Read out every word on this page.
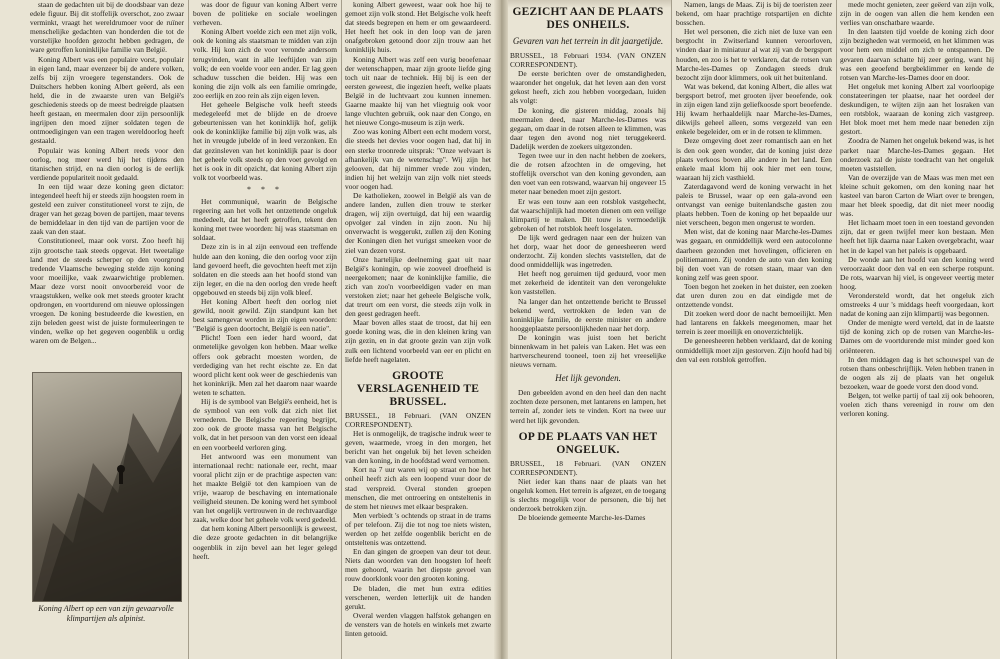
staan de gedachten uit bij de doodsbaar van deze edele figuur. Bij dit stoffelijk overschot, zoo zwaar verminkt, vraagt het wereldrumoer voor de ruïner menschelijke gedachten van honderden die tot de vorstelijke hoofden gezocht hebben gedragen, de ware getroffen koninklijke familie van België.

Koning Albert was een populaire vorst, populair in eigen land, maar evenzeer bij de andere volken, zelfs bij zijn vroegere tegenstanders. Ook de Duitschers hebben koning Albert geëerd, als een held, die in de zwaarste uren van België's geschiedenis steeds op de meest bedreigde plaatsen heeft gestaan, en meermalen door zijn persoonlijk ingrijpen den moed zijner soldaten tegen de ontmoedigingen van een tragen wereldoorlog heeft gestaald.

Populair was koning Albert reeds voor den oorlog, nog meer werd hij het tijdens den titanischen strijd, en na dien oorlog is de eerlijk verdiende populariteit nooit gedaald.

In een tijd waar deze koning geen dictator: integendeel heeft hij er steeds zijn hoogsten roem in gesteld een zuiver constitutioneel vorst te zijn, de drager van het gezag boven de partijen, maar tevens de bemiddelaar in den tijd van de partijen voor de zaak van den staat.

Constitutioneel, maar ook vorst. Zoo heeft hij zijn grootsche taak steeds opgevat. Het tweetalige land met de steeds scherper op den voorgrond tredende Vlaamsche beweging stelde zijn koning voor moeilijke, vaak zwaarwichtige problemen. Maar deze vorst nooit onvoorbereid voor de vraagstukken, welke ook met steeds grooter kracht opdrongen, en voortdurend om nieuwe oplossingen vroegen. De koning bestudeerde die kwestien, en zijn beleden geest wist de juiste formuleeringen te vinden, welke op het gegeven oogenblik u ordig waren om de Belgen...

Koning Albert op een van zijn gevaarvolle klimpartijen als alpinist.

was door de figuur van koning Albert verre boven de politieke en sociale woelingen verheven.

Koning Albert voelde zich een met zijn volk, ook de koning als staatsman te midden van zijn volk. Hij kon zich de voor veronde andersom terugvinden, want in alle leeftijden van zijn volk; de een voelde voor een ander. Er lag geen schaduw tusschen die beiden. Hij was een koning die zijn volk als een familie omringde, zoo eerlijk en zoo rein als zijn eigen leven.

Het geheele Belgische volk heeft steeds medegeleefd met de blijde en de droeve gebeurtenissen van het koninklijk hof, gelijk ook de koninklijke familie bij zijn volk was, als het in vreugde jubelde of in leed verzonken. En dat gezinsleven van het koninklijk paar is door het geheele volk steeds op den voet gevolgd en het is ook in dit opzicht, dat koning Albert zijn volk tot voorbeeld was.

* * *

Het communiqué, waarin de Belgische regeering aan het volk het ontzettende ongeluk mededeelt, dat het heeft getroffen, tekent den koning met twee woorden: hij was staatsman en soldaat.

Deze zin is in al zijn eenvoud een treffende hulde aan den koning, die den oorlog voor zijn land gevoerd heeft, die gevochten heeft met zijn soldaten en die steeds aan het hoofd stond van zijn leger, en die na den oorlog den vrede heeft opgebouwd en steeds bij zijn volk bleef.

Het koning Albert heeft den oorlog niet gewild, nooit gewild. Zijn standpunt kan het best samengevat worden in zijn eigen woorden: "België is geen doortocht, België is een natie".

Plicht! Toen een ieder hard woord, dat onmetelijke gevolgen kon hebben. Maar welke offers ook gebracht moesten worden, de verdediging van het recht eischte ze. En dat woord plicht kent ook weer de geschiedenis van het koninkrijk. Men zal het daarom naar waarde weten te schatten.

Hij is de symbool van België's eenheid, het is de symbool van een volk dat zich niet liet vernederen. De Belgische regeering begrijpt, zoo ook de groote massa van het Belgische volk, dat in het persoon van den vorst een ideaal en een voorbeeld verloren ging.

Het antwoord was een monument van internationaal recht: nationale eer, recht, maar vooral plicht zijn er de prachtige aspecten van: het maakte België tot den kampioen van de vrije, waarop de beschaving en internationale veiligheid steunen. De koning werd het symbool van het ongelijk vertrouwen in de rechtvaardige zaak, welke door het geheele volk werd gedeeld.

dat hem koning Albert persoonlijk is geweest, die deze groote gedachten in dit belangrijke oogenblik in zijn bevel aan het leger gelegd heeft.

koning Albert geweest, waar ook hoe hij te gemoet zijn volk stond. Het Belgische volk heeft dat steeds begrepen en hem er om gewaardeerd. Het heeft het ook in den loop van de jaren onafgebroken getoond door zijn trouw aan het koninklijk huis.

Koning Albert was zelf een vurig beoefenaar der wetenschappen, maar zijn groote liefde ging toch uit naar de techniek. Hij bij is een der eersten geweest, die ingezien heeft, welke plaats België in de luchtvaart zou kunnen innemen. Gaarne maakte hij van het vliegtuig ook voor lange vluchten gebruik, ook naar den Congo, en het nieuwe Congo-museum is zijn werk.

Zoo was koning Albert een echt modern vorst, die steeds het devies voor oogen had, dat hij in een sterke troonrede uitsprak: "Onze welvaart is afhankelijk van de wetenschap". Wij zijn het gelooven, dat hij nimmer vrede zou vinden, indien hij het welzijn van zijn volk niet steeds voor oogen had.

De katholieken, zoowel in België als van de andere landen, zullen dien trouw te sterker dragen, wij zijn overtuigd, dat hij een waardig opvolger zal vinden in zijn zoon. Nu hij onverwacht is weggerukt, zullen zij den Koning der Koningen dien het vurigst smeeken voor de ziel van dezen vorst.

Onze hartelijke deelneming gaat uit naar België's koningin, op wie zooveel droefheid is neergekomen; naar de koninklijke familie, die zich van zoo'n voorbeeldigen vader en man verstoken ziet; naar het geheele Belgische volk, dat treurt om een vorst, die steeds zijn volk in den geest gedragen heeft.

Maar boven alles staat de troost, dat hij een goede koning was, die in den kleinen kring van zijn gezin, en in dat groote gezin van zijn volk zulk een lichtend voorbeeld van eer en plicht en liefde heeft nagelaten.

GROOTE VERSLAGENHEID TE BRUSSEL.

BRUSSEL, 18 Februari. (VAN ONZEN CORRESPONDENT).

Het is onmogelijk, de tragische indruk weer te geven, waarmede, vroeg in den morgen, het bericht van het ongeluk bij het leven scheiden van den koning, in de hoofdstad werd vernomen.

Kort na 7 uur waren wij op straat en hoe het onheil heeft zich als een loopend vuur door de stad verspreid. Overal stonden groepen menschen, die met ontroering en ontsteltenis in de stem het nieuws met elkaar bespraken.

Men verbiedt 's ochtends op straat in de trams of per telefoon. Zij die tot nog toe niets wisten, werden op het zelfde oogenblik bericht en de ontsteltenis was ontzettend.

En dan gingen de groepen van deur tot deur. Niets dan woorden van den hoogsten lof heeft men gehoord, waarin het diepste gevoel van rouw doorklonk voor den grooten koning.

De bladen, die met hun extra edities verschenen, werden letterlijk uit de handen gerukt.

Overal werden vlaggen halfstok gehangen en de vensters van de hotels en winkels met zwarte linten getooid.

GEZICHT AAN DE PLAATS DES ONHEILS.
Gevaren van het terrein in dit jaargetijde.

BRUSSEL, 18 Februari 1934. (VAN ONZEN CORRESPONDENT).

De eerste berichten over de omstandigheden, waaronder het ongeluk, dat het leven aan den vorst gekost heeft, zich zou hebben voorgedaan, luiden als volgt:

De koning, die gisteren middag, zooals hij meermalen deed, naar Marche-les-Dames was gegaan, om daar in de rotsen alleen te klimmen, was daar tegen den avond nog niet teruggekeerd. Dadelijk werden de zoekers uitgezonden.

Tegen twee uur in den nacht hebben de zoekers, die de rotsen afzochten in de omgeving, het stoffelijk overschot van den koning gevonden, aan den voet van een rotswand, waarvan hij ongeveer 15 meter naar beneden moet zijn gestort.

Er was een touw aan een rotsblok vastgehecht, dat waarschijnlijk had moeten dienen om een veilige klimpartij te maken. Dit touw is vermoedelijk gebroken of het rotsblok heeft losgelaten.

De lijk werd gedragen naar een der huizen van het dorp, waar het door de geneesheeren werd onderzocht. Zij konden slechts vaststellen, dat de dood onmiddellijk was ingetreden.

Het heeft nog geruimen tijd geduurd, voor men met zekerheid de identiteit van den verongelukte kon vaststellen.

Na langer dan het ontzettende bericht te Brussel bekend werd, vertrokken de leden van de koninklijke familie, de eerste minister en andere hooggeplaatste persoonlijkheden naar het dorp.

De koningin was juist toen het bericht binnenkwam in het paleis van Laken. Het was een hartverscheurend tooneel, toen zij het vreeselijke nieuws vernam.

Het lijk gevonden.

Den gebeelden avond en den heel dan den nacht zochten deze personen, met lantarens en lampen, het terrein af, zonder iets te vinden. Kort na twee uur werd het lijk gevonden.

OP DE PLAATS VAN HET ONGELUK.

BRUSSEL, 18 Februari. (VAN ONZEN CORRESPONDENT).

Niet ieder kan thans naar de plaats van het ongeluk komen. Het terrein is afgezet, en de toegang is slechts mogelijk voor de personen, die bij het onderzoek betrokken zijn.

De bloeiende gemeente Marche-les-Dames

Namen, langs de Maas. Zij is bij de toeristen zeer bekend, om haar prachtige rotspartijen en dichte bosschen.

Het wel personen, die zich niet de luxe van een bergtocht in Zwitserland kunnen veroorloven, vinden daar in miniatuur al wat zij van de bergsport houden, en zoo is het te verklaren, dat de rotsen van Marche-les-Dames op Zondagen steeds druk bezocht zijn door klimmers, ook uit het buitenland.

Wat was bekend, dat koning Albert, die alles wat bergsport betrof, met grooten ijver beoefende, ook in zijn eigen land zijn geliefkoosde sport beoefende. Hij kwam herhaaldelijk naar Marche-les-Dames, dikwijls geheel alleen, soms vergezeld van een enkele begeleider, om er in de rotsen te klimmen.

Deze omgeving doet zeer romantisch aan en het is den ook geen wonder, dat de koning juist deze plaats verkoos boven alle andere in het land. Een enkele maal klom hij ook hier met een touw, waaraan hij zich vasthield.

Zaterdagavond werd de koning verwacht in het paleis te Brussel, waar op een gala-avond een ontvangst van eenige buitenlandsche gasten zou plaats hebben. Toen de koning op het bepaalde uur niet verscheen, begon men ongerust te worden.

Men wist, dat de koning naar Marche-les-Dames was gegaan, en onmiddellijk werd een autocolonne daarheen gezonden met hovelingen, officieren en politiemannen. Zij vonden de auto van den koning bij den voet van de rotsen staan, maar van den koning zelf was geen spoor.

Toen begon het zoeken in het duister, een zoeken dat uren duren zou en dat eindigde met de ontzettende vondst.

Dit zoeken werd door de nacht bemoeilijkt. Men had lantarens en fakkels meegenomen, maar het terrein is zeer moeilijk en onoverzichtelijk.

De geneesheeren hebben verklaard, dat de koning onmiddellijk moet zijn gestorven. Zijn hoofd had bij den val een rotsblok getroffen.

mede mocht genieten, zeer geëerd van zijn volk, zijn in de oogen van allen die hem kenden een verlies van onschatbare waarde.

In den laatsten tijd voelde de koning zich door zijn bezigheden wat vermoeid, en het klimmen was voor hem een middel om zich te ontspannen. De gevaren daarvan schatte hij zeer gering, want hij was een geoefend bergbeklimmer en kende de rotsen van Marche-les-Dames door en door.

Het ongeluk met koning Albert zal voorloopige constateeringen ter plaatse, naar het oordeel der deskundigen, te wijten zijn aan het losraken van een rotsblok, waaraan de koning zich vastgreep. Het blok moet met hem mede naar beneden zijn gestort.

Zoodra de Namen het ongeluk bekend was, is het parket naar Marche-les-Dames gegaan. Het onderzoek zal de juiste toedracht van het ongeluk moeten vaststellen.

Van de overzijde van de Maas was men met een kleine schuit gekomen, om den koning naar het kasteel van baron Carton de Wiart over te brengen, maar het bleek spoedig, dat dit niet meer noodig was.

Het lichaam moet toen in een toestand gevonden zijn, dat er geen twijfel meer kon bestaan. Men heeft het lijk daarna naar Laken overgebracht, waar het in de kapel van het paleis is opgebaard.

De wonde aan het hoofd van den koning werd veroorzaakt door den val en een scherpe rotspunt. De rots, waarvan hij viel, is ongeveer veertig meter hoog.

Verondersteld wordt, dat het ongeluk zich omstreeks 4 uur 's middags heeft voorgedaan, kort nadat de koning aan zijn klimpartij was begonnen.

Onder de menigte werd verteld, dat in de laatste tijd de koning zich op de rotsen van Marche-les-Dames om de voortdurende mist minder goed kon oriënteeren.

In den middagen dag is het schouwspel van de rotsen thans onbeschrijflijk. Velen hebben tranen in de oogen als zij de plaats van het ongeluk bezoeken, waar de goede vorst den dood vond.

Belgen, tot welke partij of taal zij ook behooren, voelen zich thans vereenigd in rouw om den verloren koning.
